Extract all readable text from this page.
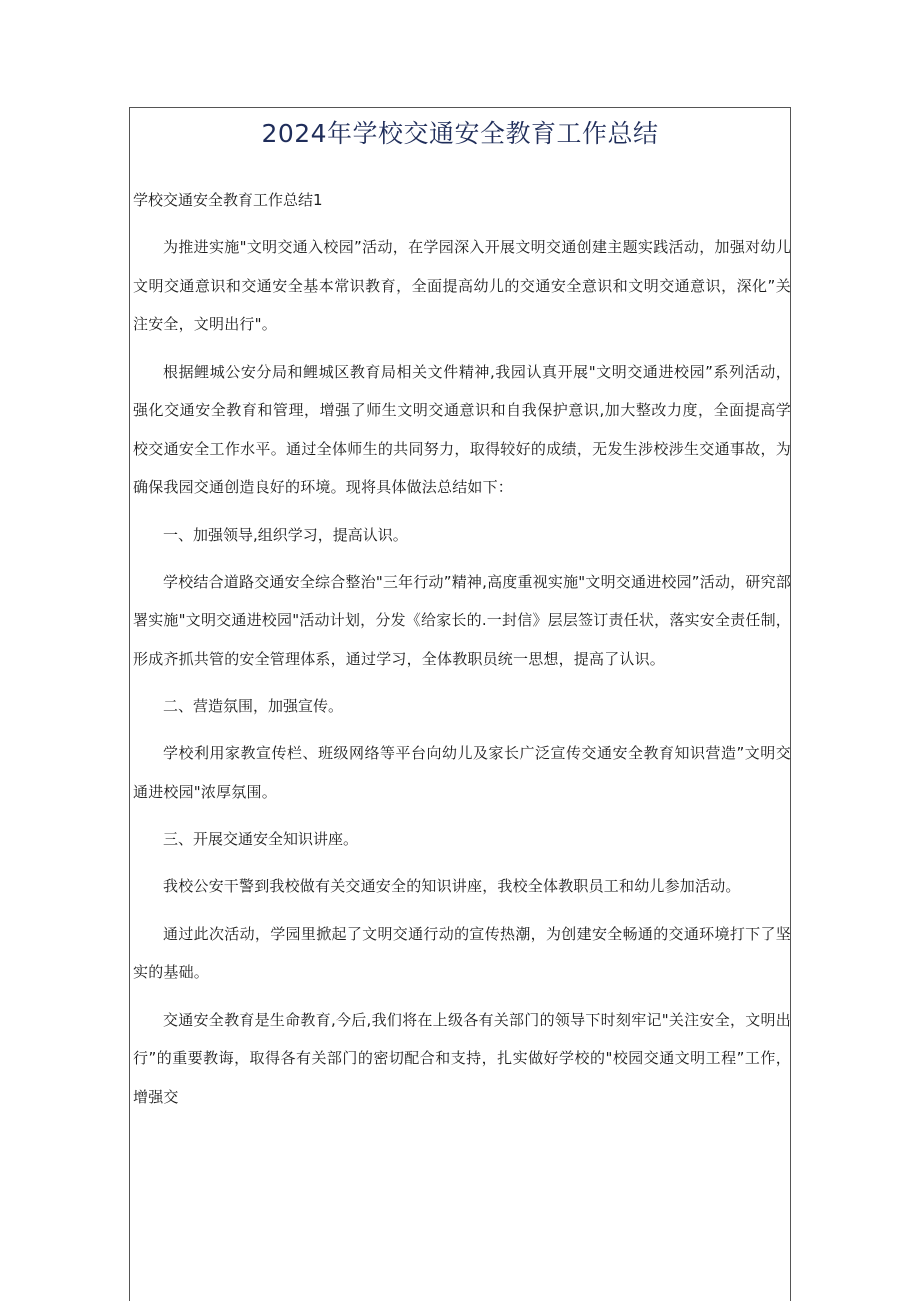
2024年学校交通安全教育工作总结

学校交通安全教育工作总结1

为推进实施"文明交通入校园”活动，在学园深入开展文明交通创建主题实践活动，加强对幼儿文明交通意识和交通安全基本常识教育，全面提高幼儿的交通安全意识和文明交通意识，深化”关注安全，文明出行"。

根据鲤城公安分局和鲤城区教育局相关文件精神,我园认真开展"文明交通进校园”系列活动，强化交通安全教育和管理，增强了师生文明交通意识和自我保护意识,加大整改力度，全面提高学校交通安全工作水平。通过全体师生的共同努力，取得较好的成绩，无发生涉校涉生交通事故，为确保我园交通创造良好的环境。现将具体做法总结如下：

一、加强领导,组织学习，提高认识。

学校结合道路交通安全综合整治"三年行动”精神,高度重视实施"文明交通进校园”活动，研究部署实施"文明交通进校园"活动计划，分发《给家长的.一封信》层层签订责任状，落实安全责任制，形成齐抓共管的安全管理体系，通过学习，全体教职员统一思想，提高了认识。

二、营造氛围，加强宣传。

学校利用家教宣传栏、班级网络等平台向幼儿及家长广泛宣传交通安全教育知识营造”文明交通进校园"浓厚氛围。

三、开展交通安全知识讲座。

我校公安干警到我校做有关交通安全的知识讲座，我校全体教职员工和幼儿参加活动。

通过此次活动，学园里掀起了文明交通行动的宣传热潮，为创建安全畅通的交通环境打下了坚实的基础。

交通安全教育是生命教育,今后,我们将在上级各有关部门的领导下时刻牢记"关注安全，文明出行”的重要教诲，取得各有关部门的密切配合和支持，扎实做好学校的"校园交通文明工程”工作，增强交
